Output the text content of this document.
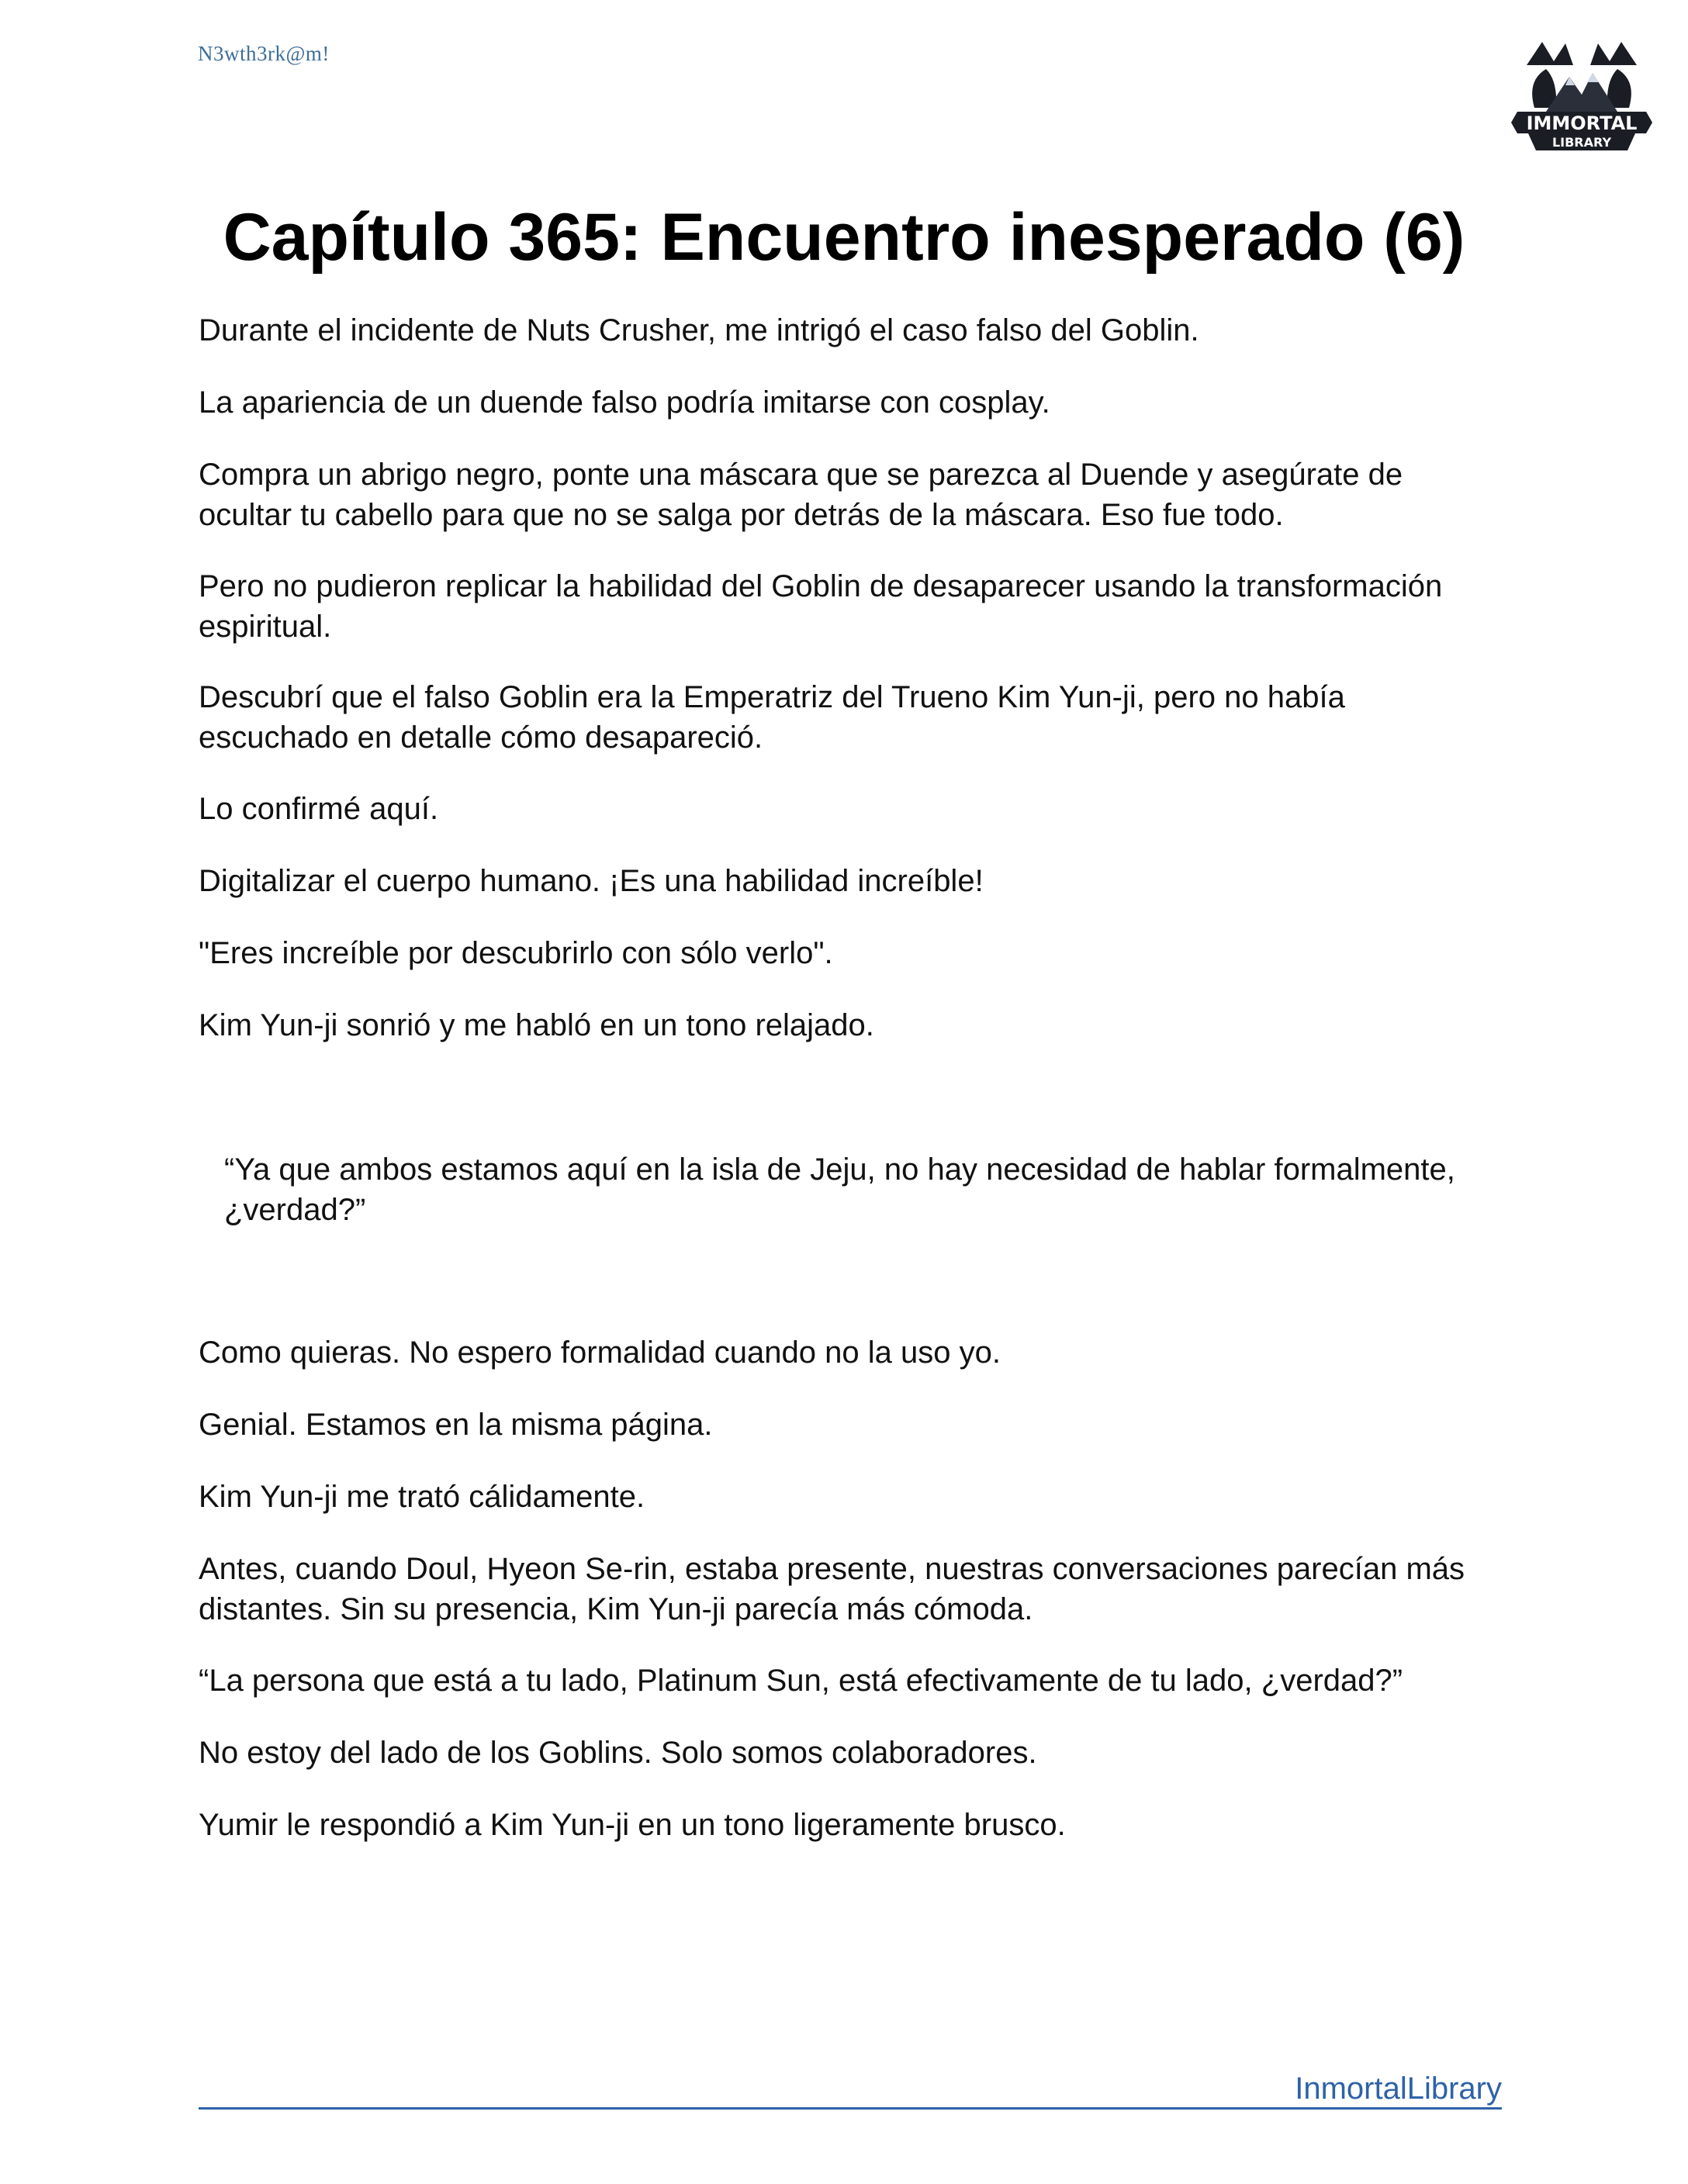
N3wth3rk@m!
IMMORTAL
LIBRARY
Capítulo 365: Encuentro inesperado (6)

Durante el incidente de Nuts Crusher, me intrigó el caso falso del Goblin.

La apariencia de un duende falso podría imitarse con cosplay.

Compra un abrigo negro, ponte una máscara que se parezca al Duende y asegúrate de ocultar tu cabello para que no se salga por detrás de la máscara. Eso fue todo.

Pero no pudieron replicar la habilidad del Goblin de desaparecer usando la transformación espiritual.

Descubrí que el falso Goblin era la Emperatriz del Trueno Kim Yun-ji, pero no había escuchado en detalle cómo desapareció.

Lo confirmé aquí.

Digitalizar el cuerpo humano. ¡Es una habilidad increíble!

"Eres increíble por descubrirlo con sólo verlo".

Kim Yun-ji sonrió y me habló en un tono relajado.

“Ya que ambos estamos aquí en la isla de Jeju, no hay necesidad de hablar formalmente, ¿verdad?”

Como quieras. No espero formalidad cuando no la uso yo.

Genial. Estamos en la misma página.

Kim Yun-ji me trató cálidamente.

Antes, cuando Doul, Hyeon Se-rin, estaba presente, nuestras conversaciones parecían más distantes. Sin su presencia, Kim Yun-ji parecía más cómoda.

“La persona que está a tu lado, Platinum Sun, está efectivamente de tu lado, ¿verdad?”

No estoy del lado de los Goblins. Solo somos colaboradores.

Yumir le respondió a Kim Yun-ji en un tono ligeramente brusco.

InmortalLibrary
